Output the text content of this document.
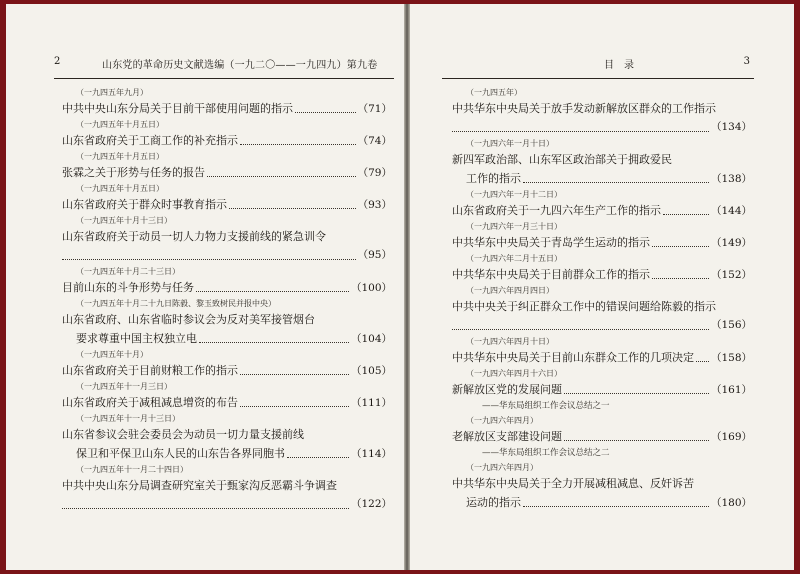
2	山东党的革命历史文献选编（一九二〇——一九四九）第九卷
（一九四五年九月）
中共中央山东分局关于目前干部使用问题的指示	（71）
（一九四五年十月五日）
山东省政府关于工商工作的补充指示	（74）
（一九四五年十月五日）
张霖之关于形势与任务的报告	（79）
（一九四五年十月五日）
山东省政府关于群众时事教育指示	（93）
（一九四五年十月十三日）
山东省政府关于动员一切人力物力支援前线的紧急训令
（95）
（一九四五年十月二十三日）
目前山东的斗争形势与任务	（100）
（一九四五年十月二十九日陈毅、黎玉致树民并报中央）
山东省政府、山东省临时参议会为反对美军接管烟台
要求尊重中国主权独立电	（104）
（一九四五年十月）
山东省政府关于目前财粮工作的指示	（105）
（一九四五年十一月三日）
山东省政府关于减租减息增资的布告	（111）
（一九四五年十一月十三日）
山东省参议会驻会委员会为动员一切力量支援前线
保卫和平保卫山东人民的山东告各界同胞书	（114）
（一九四五年十一月二十四日）
中共中央山东分局调查研究室关于甄家沟反恶霸斗争调查
（122）
目录	3
（一九四五年）
中共华东中央局关于放手发动新解放区群众的工作指示
（134）
（一九四六年一月十日）
新四军政治部、山东军区政治部关于拥政爱民
工作的指示	（138）
（一九四六年一月十二日）
山东省政府关于一九四六年生产工作的指示	（144）
（一九四六年一月三十日）
中共华东中央局关于青岛学生运动的指示	（149）
（一九四六年二月十五日）
中共华东中央局关于目前群众工作的指示	（152）
（一九四六年四月四日）
中共中央关于纠正群众工作中的错误问题给陈毅的指示
（156）
（一九四六年四月十日）
中共华东中央局关于目前山东群众工作的几项决定 （158）
（一九四六年四月十六日）
新解放区党的发展问题	（161）
——华东局组织工作会议总结之一
（一九四六年四月）
老解放区支部建设问题	（169）
——华东局组织工作会议总结之二
（一九四六年四月）
中共华东中央局关于全力开展减租减息、反奸诉苦
运动的指示	（180）
